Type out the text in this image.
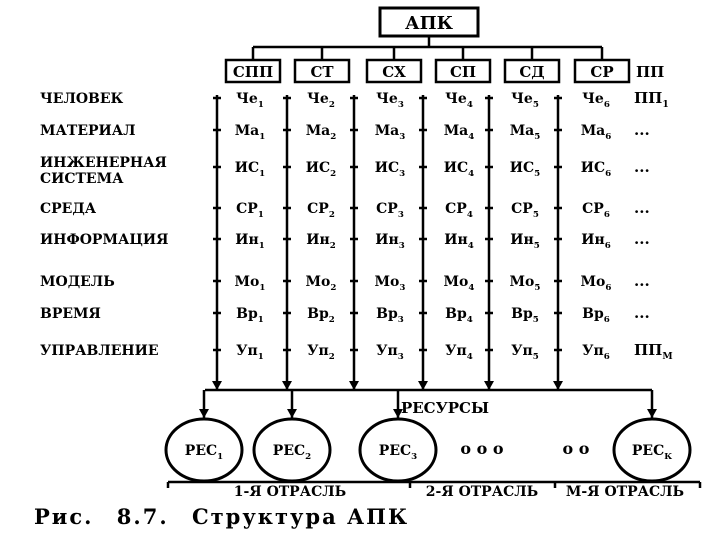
АПК
СПП СТ	СХ	СП	СД	СР ПП
ЧЕЛОВЕК	$Че_1$	$Че_2$	$Че_3$	$Че_4$	$Че_5$	$Че_6$ $ПП_1$
МАТЕРИАЛ	$Ма_1$	$Ма_2$	$Ма_3$	$Ма_4$	$Ма_5$	$Ма_6$ ...
ИНЖЕНЕРНАЯ
СИСТЕМА
$ИС_1$	$ИС_2$	$ИС_3$	$ИС_4$	$ИС_5$	$ИС_6$ ...
СРЕДА	$СР_1$	$СР_2$	$СР_3$	$СР_4$	$СР_5$	$СР_6$ ...
ИНФОРМАЦИЯ	$Ин_1$	$Ин_2$	$Ин_3$	$Ин_4$	$Ин_5$	$Ин_6$ ...
МОДЕЛЬ	$Мо_1$	$Мо_2$	$Мо_3$	$Мо_4$	$Мо_5$	$Мо_6$ ...
ВРЕМЯ	$Вр_1$	$Вр_2$	$Вр_3$	$Вр_4$	$Вр_5$	$Вр_6$ ...
УПРАВЛЕНИЕ	$Уп_1$	$Уп_2$	$Уп_3$	$Уп_4$	$Уп_5$	$Уп_6$ $ПП_М$
РЕСУРСЫ
$РЕС_1$	$РЕС_2$	$РЕС_3$	$РЕС_К$
о о о	о о
1-Я ОТРАСЛЬ	2-Я ОТРАСЛЬ М-Я ОТРАСЛЬ
Рис. 8.7. Структура АПК
